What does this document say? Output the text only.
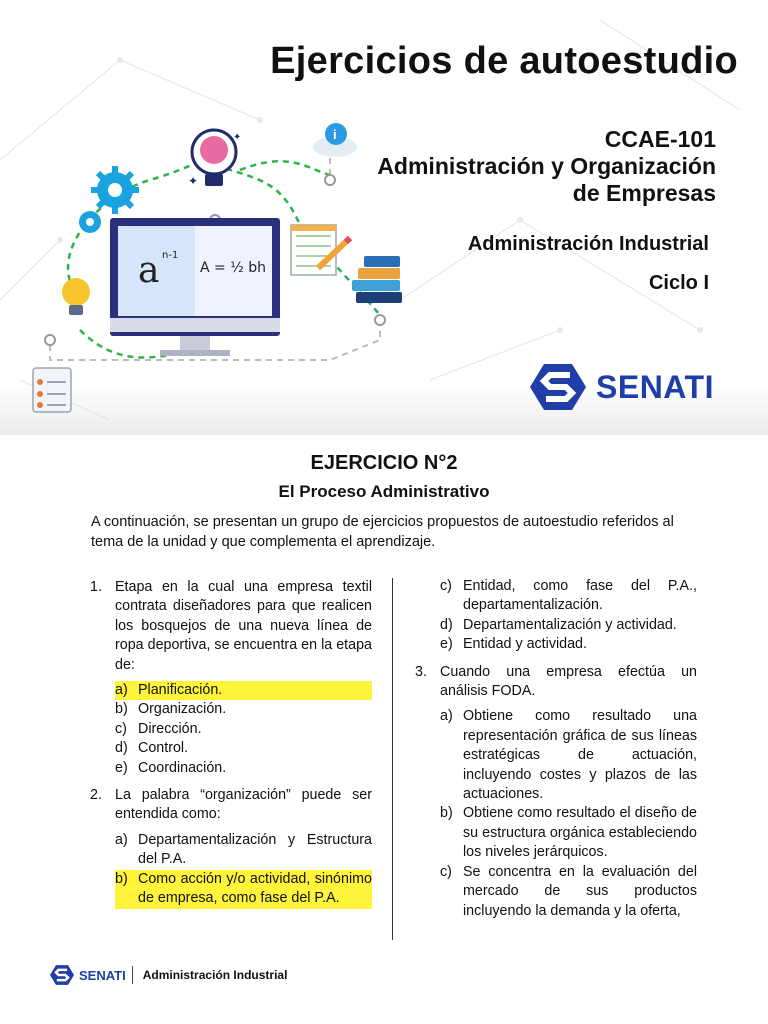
a n-1
A = ½ bh
✦
✦	i
Ejercicios de autoestudio
CCAE-101
Administración y Organización
de Empresas
Administración Industrial
Ciclo I
SENATI
EJERCICIO N°2
El Proceso Administrativo
A continuación, se presentan un grupo de ejercicios propuestos de autoestudio referidos al tema de la unidad y que complementa el aprendizaje.
1. Etapa en la cual una empresa textil contrata diseñadores para que realicen los bosquejos de una nueva línea de ropa deportiva, se encuentra en la etapa de:
a) Planificación.
b) Organización.
c) Dirección.
d) Control.
e) Coordinación.
2. La palabra “organización” puede ser entendida como:
a) Departamentalización y Estructura del P.A.
b) Como acción y/o actividad, sinónimo de empresa, como fase del P.A.
c) Entidad, como fase del P.A., departamentalización.
d) Departamentalización y actividad.
e) Entidad y actividad.
3. Cuando una empresa efectúa un análisis FODA.
a) Obtiene como resultado una representación gráfica de sus líneas estratégicas de actuación, incluyendo costes y plazos de las actuaciones.
b) Obtiene como resultado el diseño de su estructura orgánica estableciendo los niveles jerárquicos.
c) Se concentra en la evaluación del mercado de sus productos incluyendo la demanda y la oferta,
SENATI Administración Industrial
